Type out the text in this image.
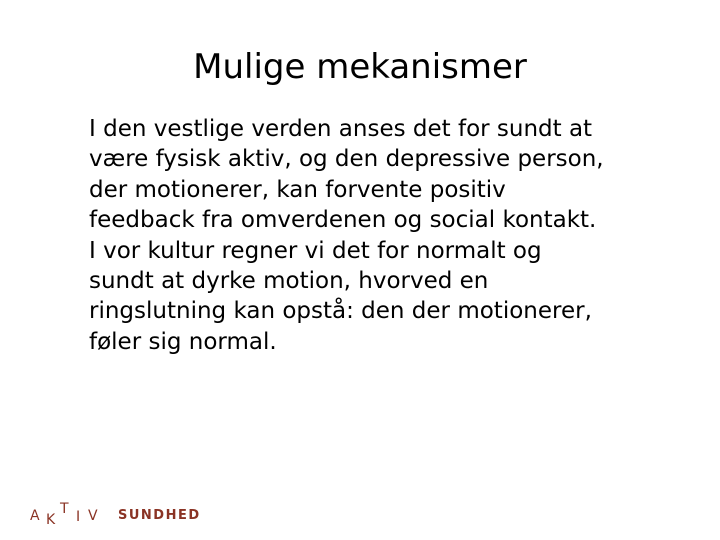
Mulige mekanismer
I den vestlige verden anses det for sundt at
være fysisk aktiv, og den depressive person,
der motionerer, kan forvente positiv
feedback fra omverdenen og social kontakt.
I vor kultur regner vi det for normalt og
sundt at dyrke motion, hvorved en
ringslutning kan opstå: den der motionerer,
føler sig normal.
A K
T I V SUNDHED
